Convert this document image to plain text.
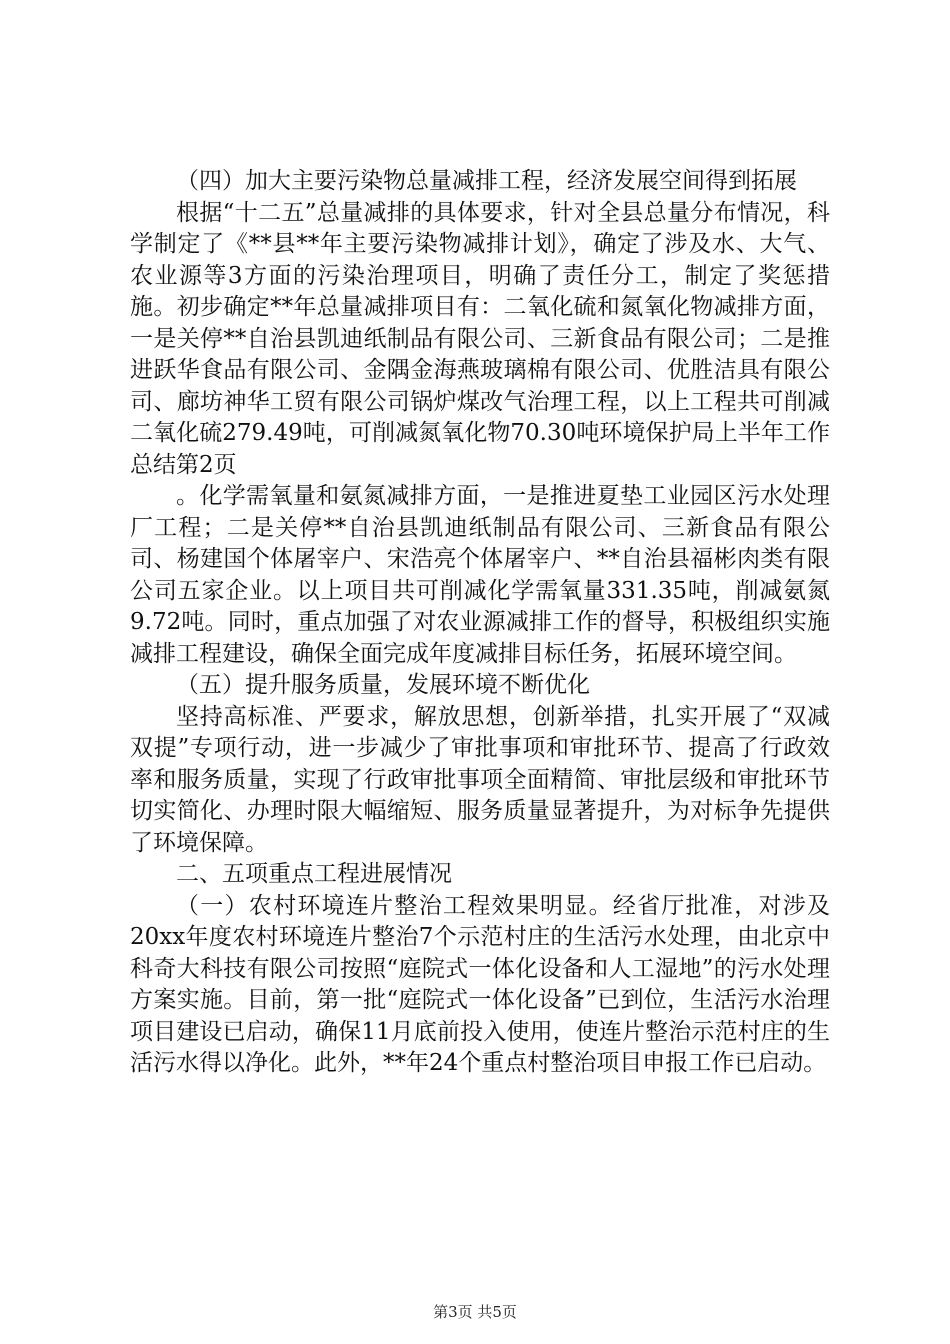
（四）加大主要污染物总量减排工程，经济发展空间得到拓展

根据“十二五”总量减排的具体要求，针对全县总量分布情况，科学制定了《**县**年主要污染物减排计划》，确定了涉及水、大气、农业源等3方面的污染治理项目，明确了责任分工，制定了奖惩措施。初步确定**年总量减排项目有：二氧化硫和氮氧化物减排方面，一是关停**自治县凯迪纸制品有限公司、三新食品有限公司；二是推进跃华食品有限公司、金隅金海燕玻璃棉有限公司、优胜洁具有限公司、廊坊神华工贸有限公司锅炉煤改气治理工程，以上工程共可削减二氧化硫279.49吨，可削减氮氧化物70.30吨环境保护局上半年工作总结第2页

。化学需氧量和氨氮减排方面，一是推进夏垫工业园区污水处理厂工程；二是关停**自治县凯迪纸制品有限公司、三新食品有限公司、杨建国个体屠宰户、宋浩亮个体屠宰户、**自治县福彬肉类有限公司五家企业。以上项目共可削减化学需氧量331.35吨，削减氨氮9.72吨。同时，重点加强了对农业源减排工作的督导，积极组织实施减排工程建设，确保全面完成年度减排目标任务，拓展环境空间。

（五）提升服务质量，发展环境不断优化

坚持高标准、严要求，解放思想，创新举措，扎实开展了“双减双提”专项行动，进一步减少了审批事项和审批环节、提高了行政效率和服务质量，实现了行政审批事项全面精简、审批层级和审批环节切实简化、办理时限大幅缩短、服务质量显著提升，为对标争先提供了环境保障。

二、五项重点工程进展情况

（一）农村环境连片整治工程效果明显。经省厅批准，对涉及20xx年度农村环境连片整治7个示范村庄的生活污水处理，由北京中科奇大科技有限公司按照“庭院式一体化设备和人工湿地”的污水处理方案实施。目前，第一批“庭院式一体化设备”已到位，生活污水治理项目建设已启动，确保11月底前投入使用，使连片整治示范村庄的生活污水得以净化。此外，**年24个重点村整治项目申报工作已启动。

第3页 共5页
